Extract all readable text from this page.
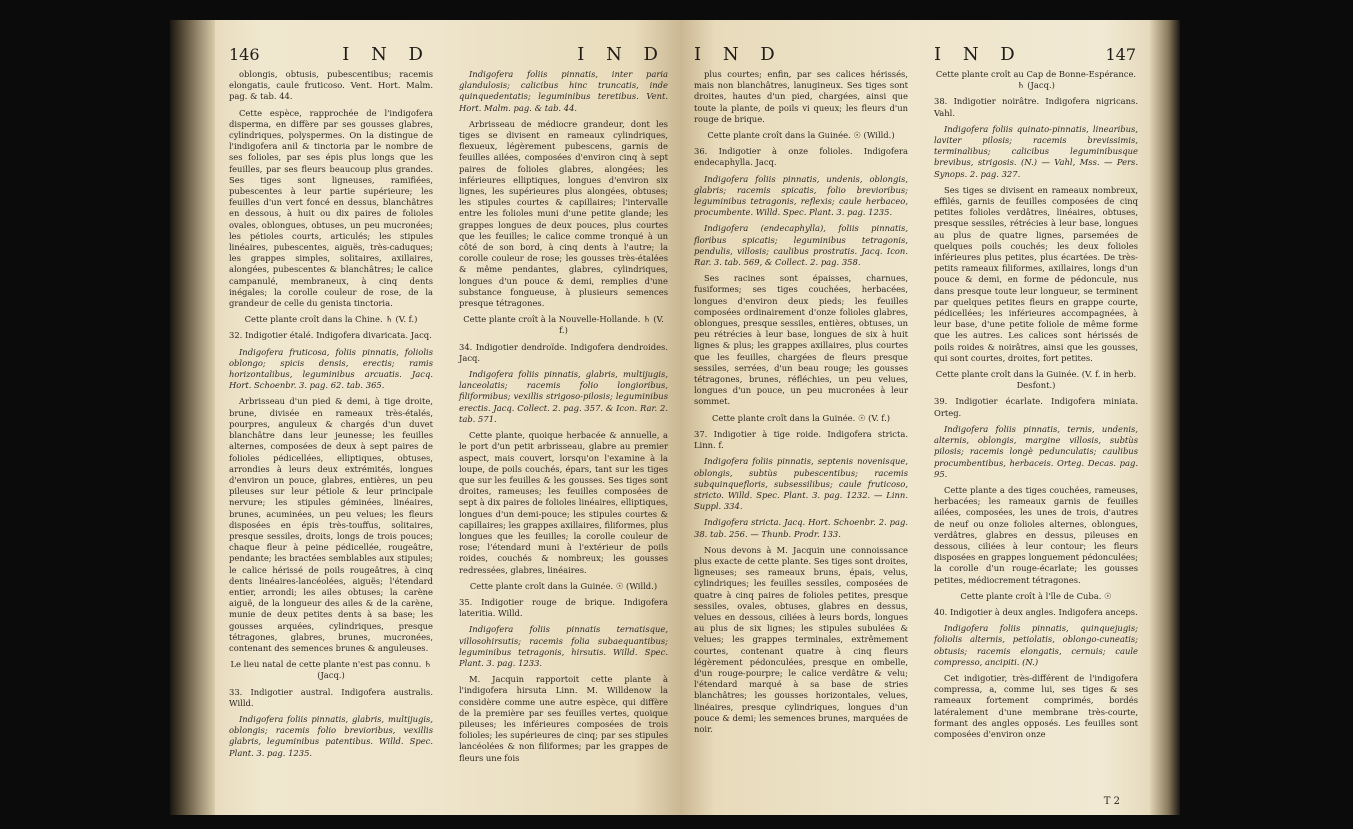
146	I N D

oblongis, obtusis, pubescentibus; racemis elongatis, caule fruticoso. Vent. Hort. Malm. pag. & tab. 44.

Cette espèce, rapprochée de l'indigofera disperma, en diffère par ses gousses glabres, cylindriques, polyspermes. On la distingue de l'indigofera anil & tinctoria par le nombre de ses folioles, par ses épis plus longs que les feuilles, par ses fleurs beaucoup plus grandes. Ses tiges sont ligneuses, ramifiées, pubescentes à leur partie supérieure; les feuilles d'un vert foncé en dessus, blanchâtres en dessous, à huit ou dix paires de folioles ovales, oblongues, obtuses, un peu mucronées; les pétioles courts, articulés; les stipules linéaires, pubescentes, aiguës, très-caduques; les grappes simples, solitaires, axillaires, alongées, pubescentes & blanchâtres; le calice campanulé, membraneux, à cinq dents inégales; la corolle couleur de rose, de la grandeur de celle du genista tinctoria.

Cette plante croît dans la Chine. ♄ (V. f.)

32. Indigotier étalé. Indigofera divaricata. Jacq.

Indigofera fruticosa, foliis pinnatis, foliolis oblongo; spicis densis, erectis; ramis horizontalibus, leguminibus arcuatis. Jacq. Hort. Schoenbr. 3. pag. 62. tab. 365.

Arbrisseau d'un pied & demi, à tige droite, brune, divisée en rameaux très-étalés, pourpres, anguleux & chargés d'un duvet blanchâtre dans leur jeunesse; les feuilles alternes, composées de deux à sept paires de folioles pédicellées, elliptiques, obtuses, arrondies à leurs deux extrémités, longues d'environ un pouce, glabres, entières, un peu pileuses sur leur pétiole & leur principale nervure; les stipules géminées, linéaires, brunes, acuminées, un peu velues; les fleurs disposées en épis très-touffus, solitaires, presque sessiles, droits, longs de trois pouces; chaque fleur à peine pédicellée, rougeâtre, pendante; les bractées semblables aux stipules; le calice hérissé de poils rougeâtres, à cinq dents linéaires-lancéolées, aiguës; l'étendard entier, arrondi; les ailes obtuses; la carène aiguë, de la longueur des ailes & de la carène, munie de deux petites dents à sa base; les gousses arquées, cylindriques, presque tétragones, glabres, brunes, mucronées, contenant des semences brunes & anguleuses.

Le lieu natal de cette plante n'est pas connu. ♄ (Jacq.)

33. Indigotier austral. Indigofera australis. Willd.

Indigofera foliis pinnatis, glabris, multijugis, oblongis; racemis folio brevioribus, vexillis glabris, leguminibus patentibus. Willd. Spec. Plant. 3. pag. 1235.

I N D

Indigofera foliis pinnatis, inter paria glandulosis; calicibus hinc truncatis, inde quinquedentatis; leguminibus teretibus. Vent. Hort. Malm. pag. & tab. 44.

Arbrisseau de médiocre grandeur, dont les tiges se divisent en rameaux cylindriques, flexueux, légèrement pubescens, garnis de feuilles ailées, composées d'environ cinq à sept paires de folioles glabres, alongées; les inférieures elliptiques, longues d'environ six lignes, les supérieures plus alongées, obtuses; les stipules courtes & capillaires; l'intervalle entre les folioles muni d'une petite glande; les grappes longues de deux pouces, plus courtes que les feuilles; le calice comme tronqué à un côté de son bord, à cinq dents à l'autre; la corolle couleur de rose; les gousses très-étalées & même pendantes, glabres, cylindriques, longues d'un pouce & demi, remplies d'une substance fongueuse, à plusieurs semences presque tétragones.

Cette plante croît à la Nouvelle-Hollande. ♄ (V. f.)

34. Indigotier dendroïde. Indigofera dendroides. Jacq.

Indigofera foliis pinnatis, glabris, multijugis, lanceolatis; racemis folio longioribus, filiformibus; vexillis strigoso-pilosis; leguminibus erectis. Jacq. Collect. 2. pag. 357. & Icon. Rar. 2. tab. 571.

Cette plante, quoique herbacée & annuelle, a le port d'un petit arbrisseau, glabre au premier aspect, mais couvert, lorsqu'on l'examine à la loupe, de poils couchés, épars, tant sur les tiges que sur les feuilles & les gousses. Ses tiges sont droites, rameuses; les feuilles composées de sept à dix paires de folioles linéaires, elliptiques, longues d'un demi-pouce; les stipules courtes & capillaires; les grappes axillaires, filiformes, plus longues que les feuilles; la corolle couleur de rose; l'étendard muni à l'extérieur de poils roides, couchés & nombreux; les gousses redressées, glabres, linéaires.

Cette plante croît dans la Guinée. ☉ (Willd.)

35. Indigotier rouge de brique. Indigofera lateritia. Willd.

Indigofera foliis pinnatis ternatisque, villosohirsutis; racemis folia subaequantibus; leguminibus tetragonis, hirsutis. Willd. Spec. Plant. 3. pag. 1233.

M. Jacquin rapportoit cette plante à l'indigofera hirsuta Linn. M. Willdenow la considère comme une autre espèce, qui diffère de la première par ses feuilles vertes, quoique pileuses; les inférieures composées de trois folioles; les supérieures de cinq; par ses stipules lancéolées & non filiformes; par les grappes de fleurs une fois

I N D

plus courtes; enfin, par ses calices hérissés, mais non blanchâtres, lanugineux. Ses tiges sont droites, hautes d'un pied, chargées, ainsi que toute la plante, de poils vi queux; les fleurs d'un rouge de brique.

Cette plante croît dans la Guinée. ☉ (Willd.)

36. Indigotier à onze folioles. Indigofera endecaphylla. Jacq.

Indigofera foliis pinnatis, undenis, oblongis, glabris; racemis spicatis, folio brevioribus; leguminibus tetragonis, reflexis; caule herbaceo, procumbente. Willd. Spec. Plant. 3. pag. 1235.

Indigofera (endecaphylla), foliis pinnatis, floribus spicatis; leguminibus tetragonis, pendulis, villosis; caulibus prostratis. Jacq. Icon. Rar. 3. tab. 569, & Collect. 2. pag. 358.

Ses racines sont épaisses, charnues, fusiformes; ses tiges couchées, herbacées, longues d'environ deux pieds; les feuilles composées ordinairement d'onze folioles glabres, oblongues, presque sessiles, entières, obtuses, un peu rétrécies à leur base, longues de six à huit lignes & plus; les grappes axillaires, plus courtes que les feuilles, chargées de fleurs presque sessiles, serrées, d'un beau rouge; les gousses tétragones, brunes, réfléchies, un peu velues, longues d'un pouce, un peu mucronées à leur sommet.

Cette plante croît dans la Guinée. ☉ (V. f.)

37. Indigotier à tige roide. Indigofera stricta. Linn. f.

Indigofera foliis pinnatis, septenis novenisque, oblongis, subtùs pubescentibus; racemis subquinquefloris, subsessilibus; caule fruticoso, stricto. Willd. Spec. Plant. 3. pag. 1232. — Linn. Suppl. 334.

Indigofera stricta. Jacq. Hort. Schoenbr. 2. pag. 38. tab. 256. — Thunb. Prodr. 133.

Nous devons à M. Jacquin une connoissance plus exacte de cette plante. Ses tiges sont droites, ligneuses; ses rameaux bruns, épais, velus, cylindriques; les feuilles sessiles, composées de quatre à cinq paires de folioles petites, presque sessiles, ovales, obtuses, glabres en dessus, velues en dessous, ciliées à leurs bords, longues au plus de six lignes; les stipules subulées & velues; les grappes terminales, extrêmement courtes, contenant quatre à cinq fleurs légèrement pédonculées, presque en ombelle, d'un rouge-pourpre; le calice verdâtre & velu; l'étendard marqué à sa base de stries blanchâtres; les gousses horizontales, velues, linéaires, presque cylindriques, longues d'un pouce & demi; les semences brunes, marquées de noir.

I N D	147

Cette plante croît au Cap de Bonne-Espérance. ♄ (Jacq.)

38. Indigotier noirâtre. Indigofera nigricans. Vahl.

Indigofera foliis quinato-pinnatis, linearibus, laviter pilosis; racemis brevissimis, terminalibus; calicibus leguminibusque brevibus, strigosis. (N.) — Vahl, Mss. — Pers. Synops. 2. pag. 327.

Ses tiges se divisent en rameaux nombreux, effilés, garnis de feuilles composées de cinq petites folioles verdâtres, linéaires, obtuses, presque sessiles, rétrécies à leur base, longues au plus de quatre lignes, parsemées de quelques poils couchés; les deux folioles inférieures plus petites, plus écartées. De très-petits rameaux filiformes, axillaires, longs d'un pouce & demi, en forme de pédoncule, nus dans presque toute leur longueur, se terminent par quelques petites fleurs en grappe courte, pédicellées; les inférieures accompagnées, à leur base, d'une petite foliole de même forme que les autres. Les calices sont hérissés de poils roides & noirâtres, ainsi que les gousses, qui sont courtes, droites, fort petites.

Cette plante croît dans la Guinée. (V. f. in herb. Desfont.)

39. Indigotier écarlate. Indigofera miniata. Orteg.

Indigofera foliis pinnatis, ternis, undenis, alternis, oblongis, margine villosis, subtùs pilosis; racemis longè pedunculatis; caulibus procumbentibus, herbaceis. Orteg. Decas. pag. 95.

Cette plante a des tiges couchées, rameuses, herbacées; les rameaux garnis de feuilles ailées, composées, les unes de trois, d'autres de neuf ou onze folioles alternes, oblongues, verdâtres, glabres en dessus, pileuses en dessous, ciliées à leur contour; les fleurs disposées en grappes longuement pédonculées; la corolle d'un rouge-écarlate; les gousses petites, médiocrement tétragones.

Cette plante croît à l'île de Cuba. ☉

40. Indigotier à deux angles. Indigofera anceps.

Indigofera foliis pinnatis, quinquejugis; foliolis alternis, petiolatis, oblongo-cuneatis; obtusis; racemis elongatis, cernuis; caule compresso, ancipiti. (N.)

Cet indigotier, très-différent de l'indigofera compressa, a, comme lui, ses tiges & ses rameaux fortement comprimés, bordés latéralement d'une membrane très-courte, formant des angles opposés. Les feuilles sont composées d'environ onze

T 2
